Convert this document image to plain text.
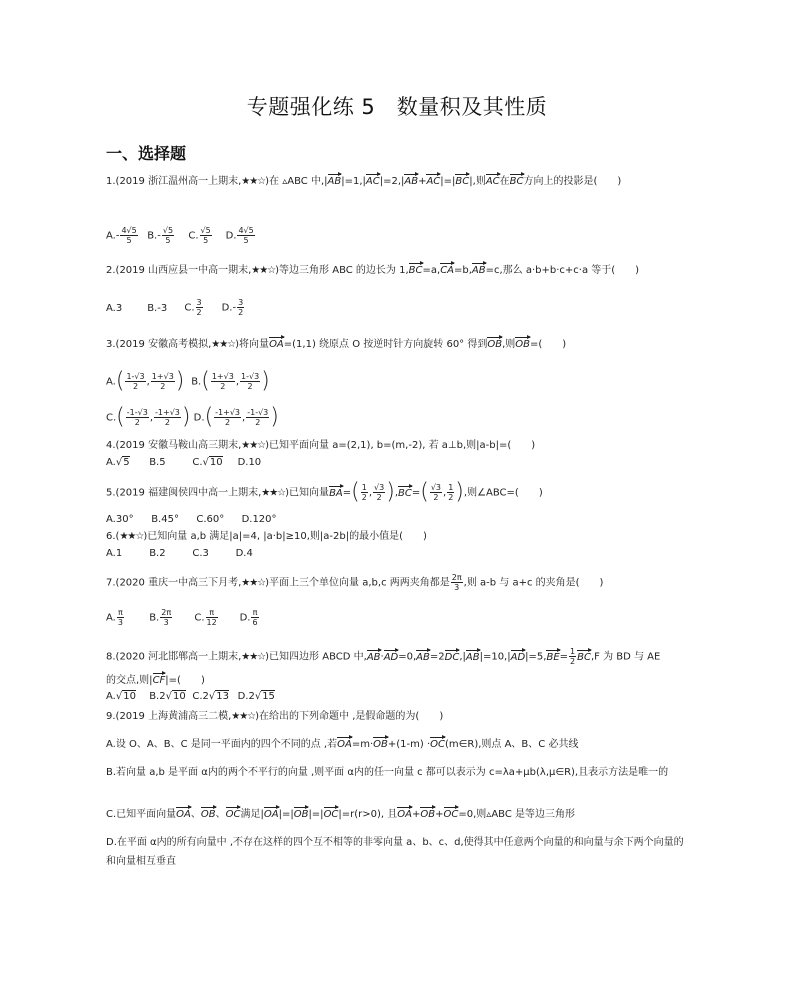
专题强化练 5　数量积及其性质
一、选择题
1.(2019 浙江温州高一上期末,★★☆)在 ▵ABC 中,|AB|=1,|AC|=2,|AB+AC|=|BC|,则AC在BC方向上的投影是(　　)
$A.- \frac{4√5}{5} B.- \frac{√5}{5} C$. $\frac{√5}{5} D$. $\frac{4√5}{5}$
2.(2019 山西应县一中高一期末,★★☆)等边三角形 ABC 的边长为 1,BC=a,CA=b,AB=c,那么 a·b+b·c+c·a 等于(　　)
A.3 B.-3 C. $\frac{3}{2} D.- \frac{3}{2}$
3.(2019 安徽高考模拟,★★☆)将向量OA=(1,1) 绕原点 O 按逆时针方向旋转 60° 得到OB,则OB=(　　)
$A.( \frac{1-√3}{2}$ , $\frac{1+√3}{2}$ ) $B.( \frac{1+√3}{2}$ , $\frac{1-√3}{2}$ )
$C.( \frac{-1-√3}{2}$ , $\frac{-1+√3}{2}$ ) $D.( \frac{-1+√3}{2}$ , $\frac{-1-√3}{2}$ )
4.(2019 安徽马鞍山高三期末,★★☆)已知平面向量 a=(2,1), b=(m,-2), 若 a⊥b,则|a-b|=(　　)
A.√5 B.5	C.√10 D.10
5.(2019 福建闽侯四中高一上期末,★★☆)已知向量$BA=( \frac{1}{2}$ , $\frac{√3}{2} ),BC=( \frac{√3}{2}$ , $\frac{1}{2}$ ),则∠ABC=(　　)
A.30° B.45° C.60° D.120°
6.(★★☆)已知向量 a,b 满足|a|=4, |a·b|≥10,则|a-2b|的最小值是(　　)
A.1	B.2	C.3	D.4
7.(2020 重庆一中高三下月考,★★☆)平面上三个单位向量 a,b,c 两两夹角都是 $\frac{2\pi}{3}$ ,则 a-b 与 a+c 的夹角是(　　)
A. $\frac{\pi}{3}$	B. $\frac{2\pi}{3} C$. $\frac{\pi}{12} D$. $\frac{\pi}{6}$
8.(2020 河北邯郸高一上期末,★★☆)已知四边形 ABCD 中$,AB\cdot AD=0,AB=2DC,|AB|=10,|AD|=5,BE= \frac{1}{2} BC,F$ 为 BD 与 AE
的交点,则|CF|=(　　)
A.√10 B.2√10 C.2√13 D.2√15
9.(2019 上海黄浦高三二模,★★☆)在给出的下列命题中 ,是假命题的为(　　)
A.设 O、A、B、C 是同一平面内的四个不同的点 ,若OA=m·OB+(1-m) ·OC(m∈R),则点 A、B、C 必共线
B.若向量 a,b 是平面 α内的两个不平行的向量 ,则平面 α内的任一向量 c 都可以表示为 c=λa+μb(λ,μ∈R),且表示方法是唯一的
C.已知平面向量OA、OB、OC满足|OA|=|OB|=|OC|=r(r>0), 且OA+OB+OC=0,则▵ABC 是等边三角形
D.在平面 α内的所有向量中 ,不存在这样的四个互不相等的非零向量 a、b、c、d,使得其中任意两个向量的和向量与余下两个向量的和向量相互垂直
